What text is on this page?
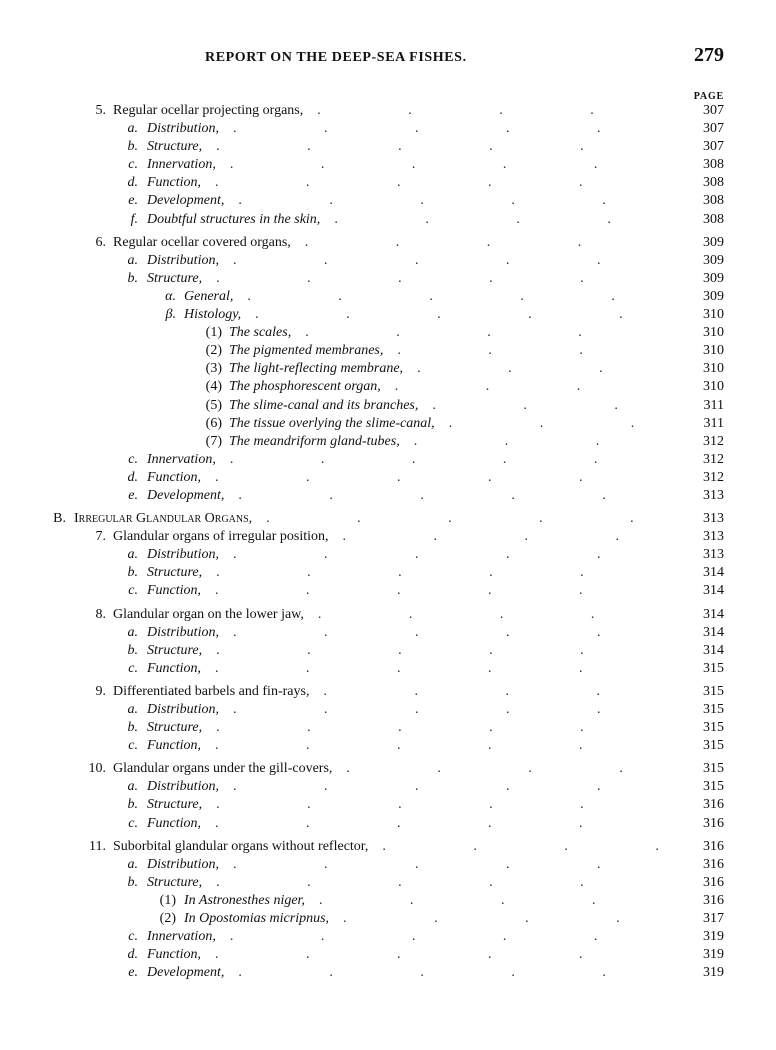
REPORT ON THE DEEP-SEA FISHES.	279
PAGE
5. Regular ocellar projecting organs, .	307
a. Distribution, .	307
b. Structure, .	307
c. Innervation, .	308
d. Function, .	308
e. Development, .	308
f. Doubtful structures in the skin, .	308
6. Regular ocellar covered organs, .	309
a. Distribution, .	309
b. Structure, .	309
α. General, .	309
β. Histology, .	310
(1) The scales, .	310
(2) The pigmented membranes, .	310
(3) The light-reflecting membrane, .	310
(4) The phosphorescent organ, .	310
(5) The slime-canal and its branches, .	311
(6) The tissue overlying the slime-canal, .	311
(7) The meandriform gland-tubes, .	312
c. Innervation, .	312
d. Function, .	312
e. Development, .	313
B. Irregular Glandular Organs, .	313
7. Glandular organs of irregular position, .	313
a. Distribution, .	313
b. Structure, .	314
c. Function, .	314
8. Glandular organ on the lower jaw, .	314
a. Distribution, .	314
b. Structure, .	314
c. Function, .	315
9. Differentiated barbels and fin-rays, .	315
a. Distribution, .	315
b. Structure, .	315
c. Function, .	315
10. Glandular organs under the gill-covers, .	315
a. Distribution, .	315
b. Structure, .	316
c. Function, .	316
11. Suborbital glandular organs without reflector, .	316
a. Distribution, .	316
b. Structure, .	316
(1) In Astronesthes niger, .	316
(2) In Opostomias micripnus, .	317
c. Innervation, .	319
d. Function, .	319
e. Development, .	319
